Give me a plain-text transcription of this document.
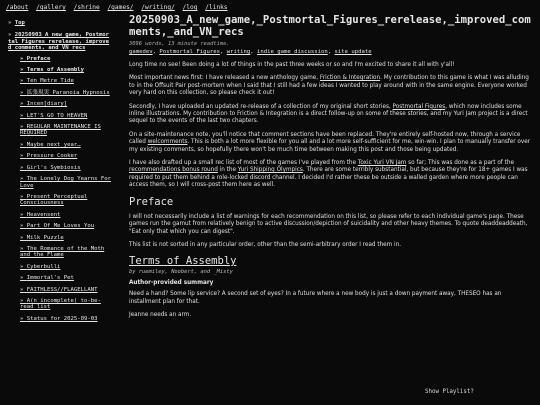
/about /gallery /shrine /games/ /writing/ /log /links
» Top
» 20250903_A_new_game,_Postmortal_Figures_rerelease,_improved_comments,_and_VN_recs
» Preface
» Terms of Assembly
» Ten Metre Tide
» 拡張現実 Paranoia Hypnosis
» Incen[diary]
» LET'S GO TO HEAVEN
» REGULAR MAINTENANCE IS REQUIRED
» Maybe next year…
» Pressure Cooker
» Girl's Symbiosis
» The Lonely Dog Yearns For Love
» Present Perceptual Consciousness
» Heavensent
» Part Of Me Loves You
» Milk Puzzle
» The Romance of the Moth and the Flame
» Cyberbulli
» Immortal's Pet
» FAITHLESS//FLAGELLANT
» A(n incomplete) to-be-read list
» Status for 2025-09-03
20250903_A_new_game,_Postmortal_Figures_rerelease,_improved_comments,_and_VN_recs
3096 words, 13 minute readtime.
gamedev, Postmortal Figures, writing, indie game discussion, site update

Long time no see! Been doing a lot of things in the past three weeks or so and I'm excited to share it all with y'all!

Most important news first: I have released a new anthology game, Friction & Integration. My contribution to this game is what I was alluding to in the Offsuit Pair post-mortem when I said that I still had a few ideas I wanted to play around with in the same engine. Everyone worked very hard on this collection, so please check it out!

Secondly, I have uploaded an updated re-release of a collection of my original short stories, Postmortal Figures, which now includes some inline illustrations. My contribution to Friction & Integration is a direct follow-up on some of these stories, and my Yuri Jam project is a direct sequel to the events of the last two chapters.

On a site-maintenance note, you'll notice that comment sections have been replaced. They're entirely self-hosted now, through a service called welcomments. This is both a lot more flexible for you all and a lot more self-sufficient for me, win-win. I plan to manually transfer over my existing comments, so hopefully there won't be much time between making this post and those being updated.

I have also drafted up a small rec list of most of the games I've played from the Toxic Yuri VN Jam so far; This was done as a part of the recommendations bonus round in the Yuri Shipping Olympics. There are some terribly substantial, but because they're for 18+ games I was required to put them behind a role-locked discord channel. I decided I'd rather these be outside a walled garden where more people can access them, so I will cross-post them here as well.

Preface

I will not necessarily include a list of warnings for each recommendation on this list, so please refer to each individual game's page. These games run the gamut from relatively benign to active discussion/depiction of suicidality and other heavy themes. To quote deaddeaddeath, "Eat only that which you can digest".

This list is not sorted in any particular order, other than the semi-arbitrary order I read them in.

Terms of Assembly
by ruemiley, Noobert, and _Misty
Author-provided summary

Need a hand? Some lip service? A second set of eyes? In a future where a new body is just a down payment away, THESEO has an installment plan for that.

Jeanne needs an arm.

Show Playlist?
